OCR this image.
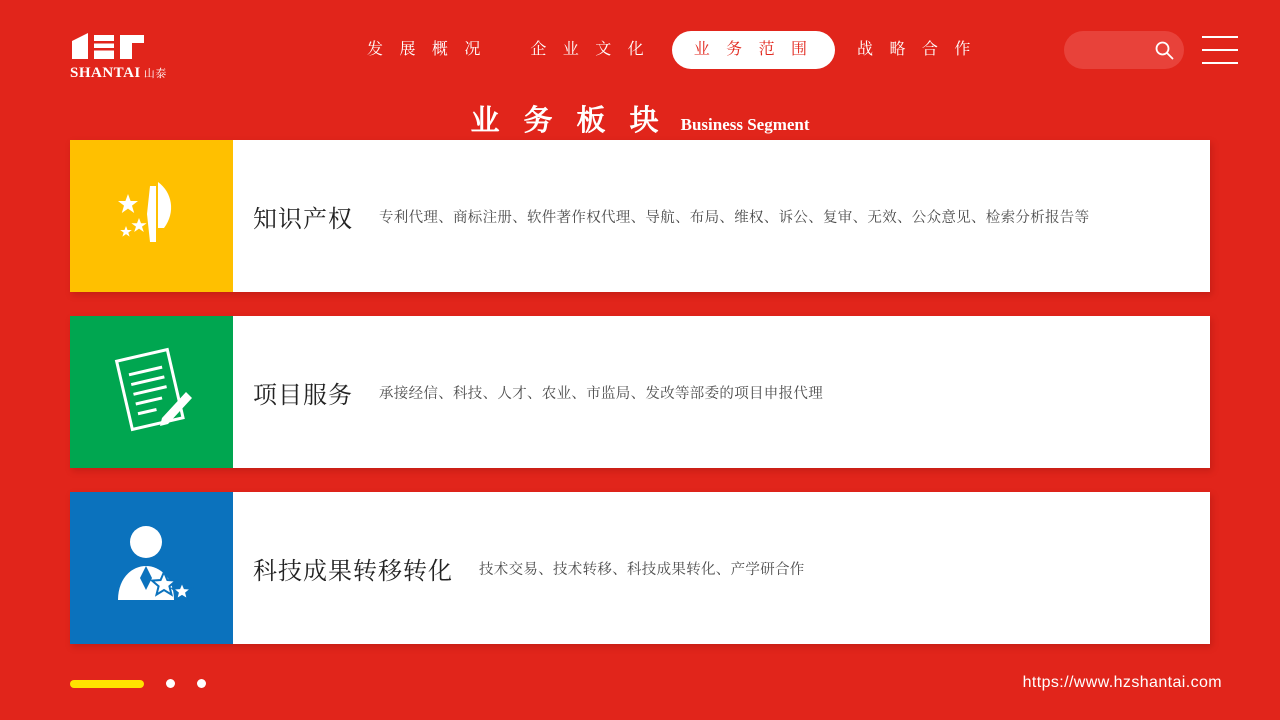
SHANTAI 山泰
发 展 概 况	企 业 文 化	业 务 范 围	战 略 合 作
业 务 板 块 Business Segment
知识产权 专利代理、商标注册、软件著作权代理、导航、布局、维权、诉公、复审、无效、公众意见、检索分析报告等
项目服务 承接经信、科技、人才、农业、市监局、发改等部委的项目申报代理
科技成果转移转化 技术交易、技术转移、科技成果转化、产学研合作
https://www.hzshantai.com
